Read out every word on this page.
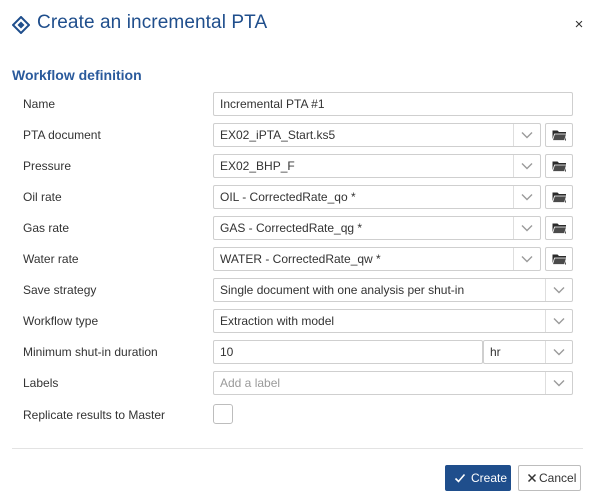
Create an incremental PTA	×
Workflow definition
Name	Incremental PTA #1
PTA document	EX02_iPTA_Start.ks5
Pressure	EX02_BHP_F
Oil rate	OIL - CorrectedRate_qo *
Gas rate	GAS - CorrectedRate_qg *
Water rate	WATER - CorrectedRate_qw *
Save strategy	Single document with one analysis per shut-in
Workflow type	Extraction with model
Minimum shut-in duration	10	hr
Labels	Add a label
Replicate results to Master
Create	Cancel
